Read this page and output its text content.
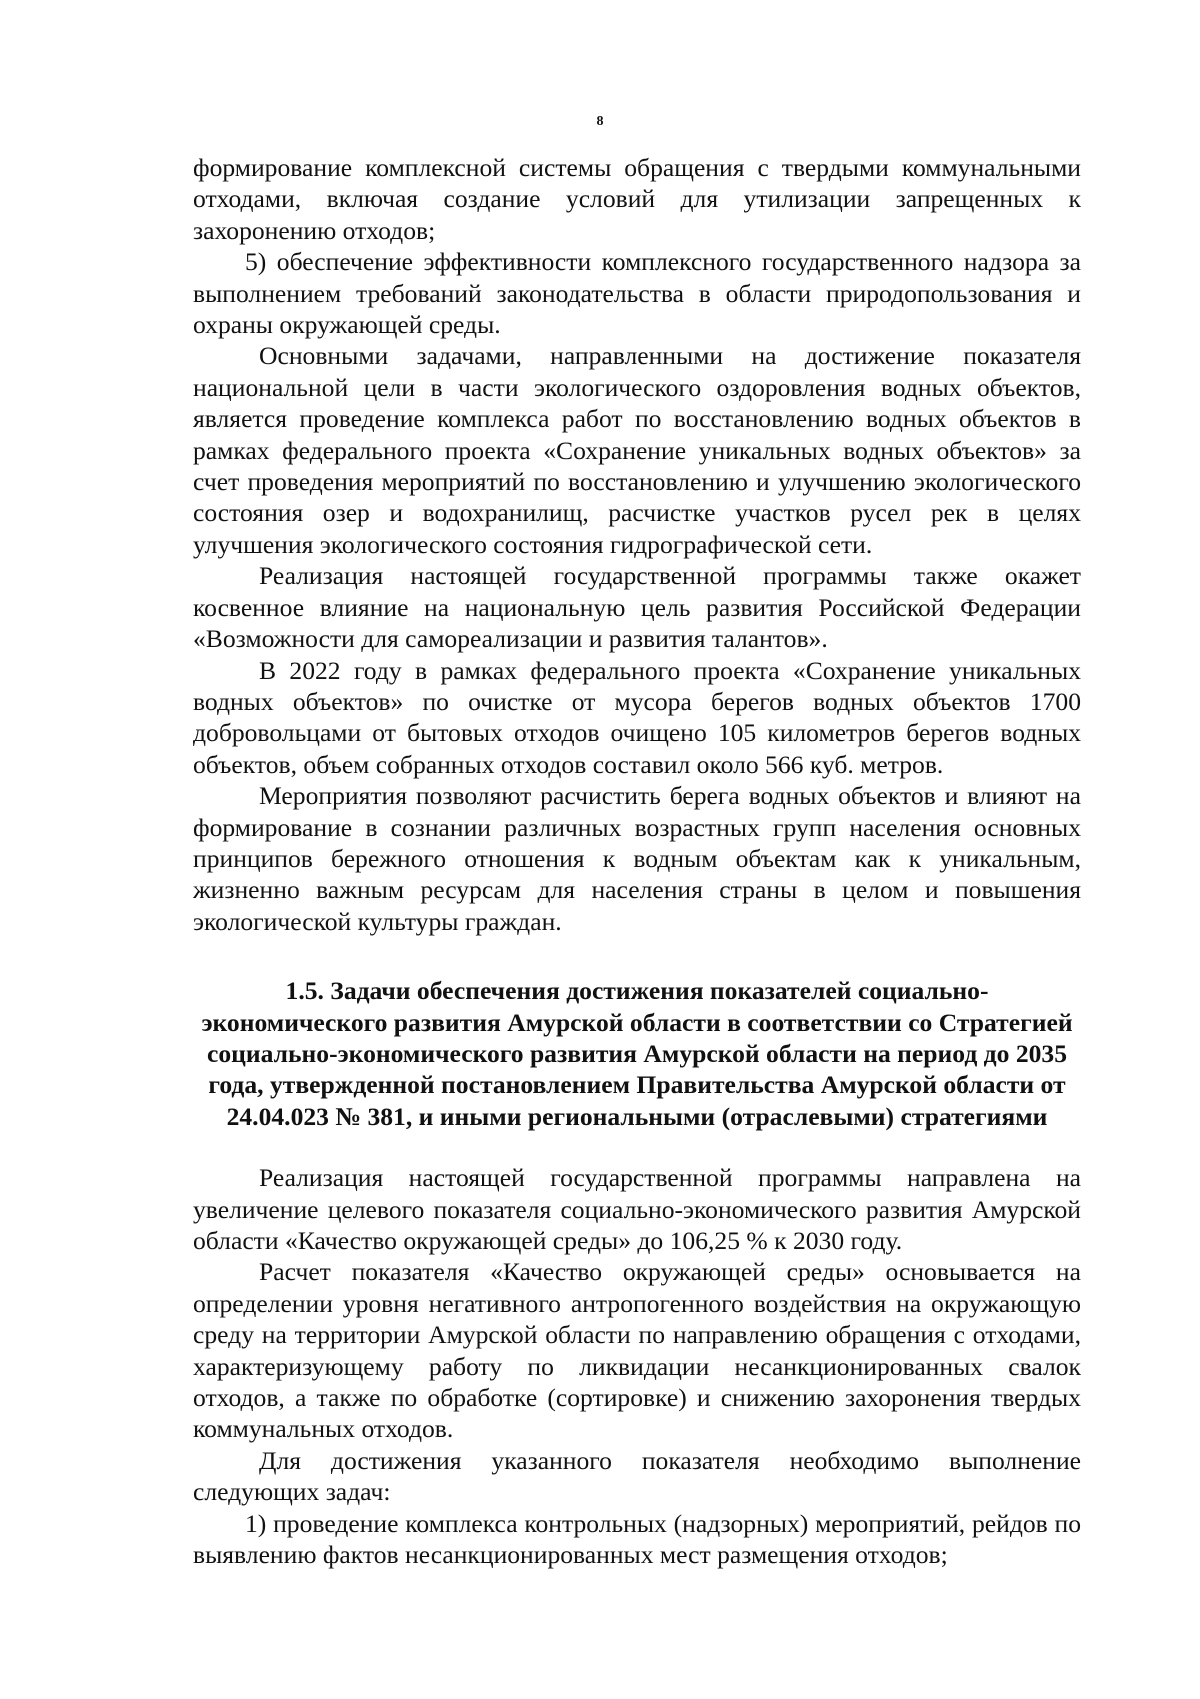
8

формирование комплексной системы обращения с твердыми коммунальными отходами, включая создание условий для утилизации запрещенных к захоронению отходов;

5) обеспечение эффективности комплексного государственного надзора за выполнением требований законодательства в области природопользования и охраны окружающей среды.

Основными задачами, направленными на достижение показателя национальной цели в части экологического оздоровления водных объектов, является проведение комплекса работ по восстановлению водных объектов в рамках федерального проекта «Сохранение уникальных водных объектов» за счет проведения мероприятий по восстановлению и улучшению экологического состояния озер и водохранилищ, расчистке участков русел рек в целях улучшения экологического состояния гидрографической сети.

Реализация настоящей государственной программы также окажет косвенное влияние на национальную цель развития Российской Федерации «Возможности для самореализации и развития талантов».

В 2022 году в рамках федерального проекта «Сохранение уникальных водных объектов» по очистке от мусора берегов водных объектов 1700 добровольцами от бытовых отходов очищено 105 километров берегов водных объектов, объем собранных отходов составил около 566 куб. метров.

Мероприятия позволяют расчистить берега водных объектов и влияют на формирование в сознании различных возрастных групп населения основных принципов бережного отношения к водным объектам как к уникальным, жизненно важным ресурсам для населения страны в целом и повышения экологической культуры граждан.

1.5. Задачи обеспечения достижения показателей социально-
экономического развития Амурской области в соответствии со Стратегией
социально-экономического развития Амурской области на период до 2035
года, утвержденной постановлением Правительства Амурской области от
24.04.023 № 381, и иными региональными (отраслевыми) стратегиями

Реализация настоящей государственной программы направлена на увеличение целевого показателя социально-экономического развития Амурской области «Качество окружающей среды» до 106,25 % к 2030 году.

Расчет показателя «Качество окружающей среды» основывается на определении уровня негативного антропогенного воздействия на окружающую среду на территории Амурской области по направлению обращения с отходами, характеризующему работу по ликвидации несанкционированных свалок отходов, а также по обработке (сортировке) и снижению захоронения твердых коммунальных отходов.

Для достижения указанного показателя необходимо выполнение следующих задач:

1) проведение комплекса контрольных (надзорных) мероприятий, рейдов по выявлению фактов несанкционированных мест размещения отходов;
